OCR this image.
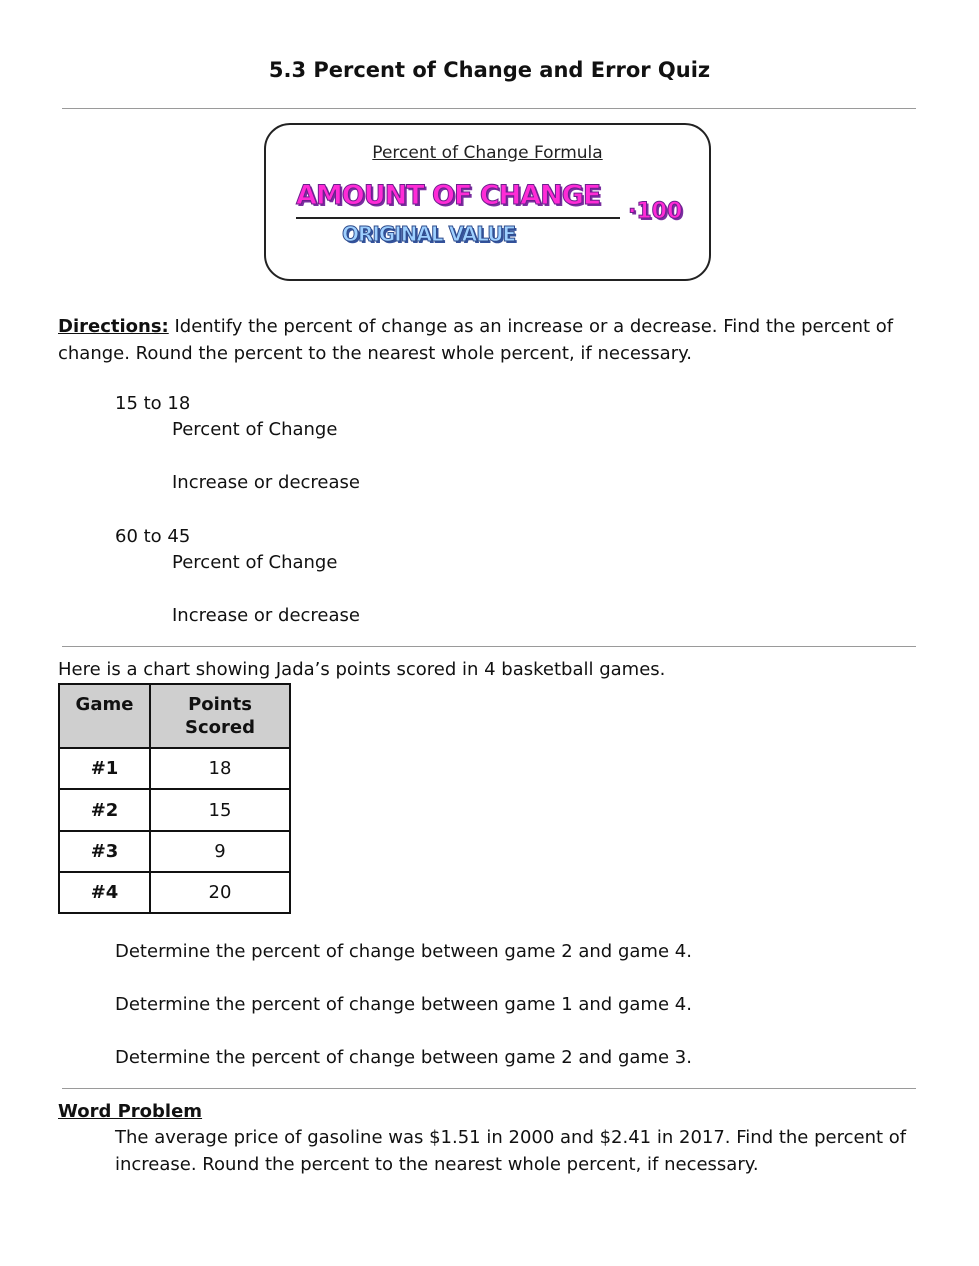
5.3 Percent of Change and Error Quiz
Percent of Change Formula
AMOUNT OF CHANGE
ORIGINAL VALUE
·100
Directions: Identify the percent of change as an increase or a decrease. Find the percent of change. Round the percent to the nearest whole percent, if necessary.
15 to 18
Percent of Change
Increase or decrease
60 to 45
Percent of Change
Increase or decrease
Here is a chart showing Jada’s points scored in 4 basketball games.
Game	Points Scored
#1	18
#2	15
#3	9
#4	20
Determine the percent of change between game 2 and game 4.
Determine the percent of change between game 1 and game 4.
Determine the percent of change between game 2 and game 3.
Word Problem
The average price of gasoline was $1.51 in 2000 and $2.41 in 2017. Find the percent of increase. Round the percent to the nearest whole percent, if necessary.
